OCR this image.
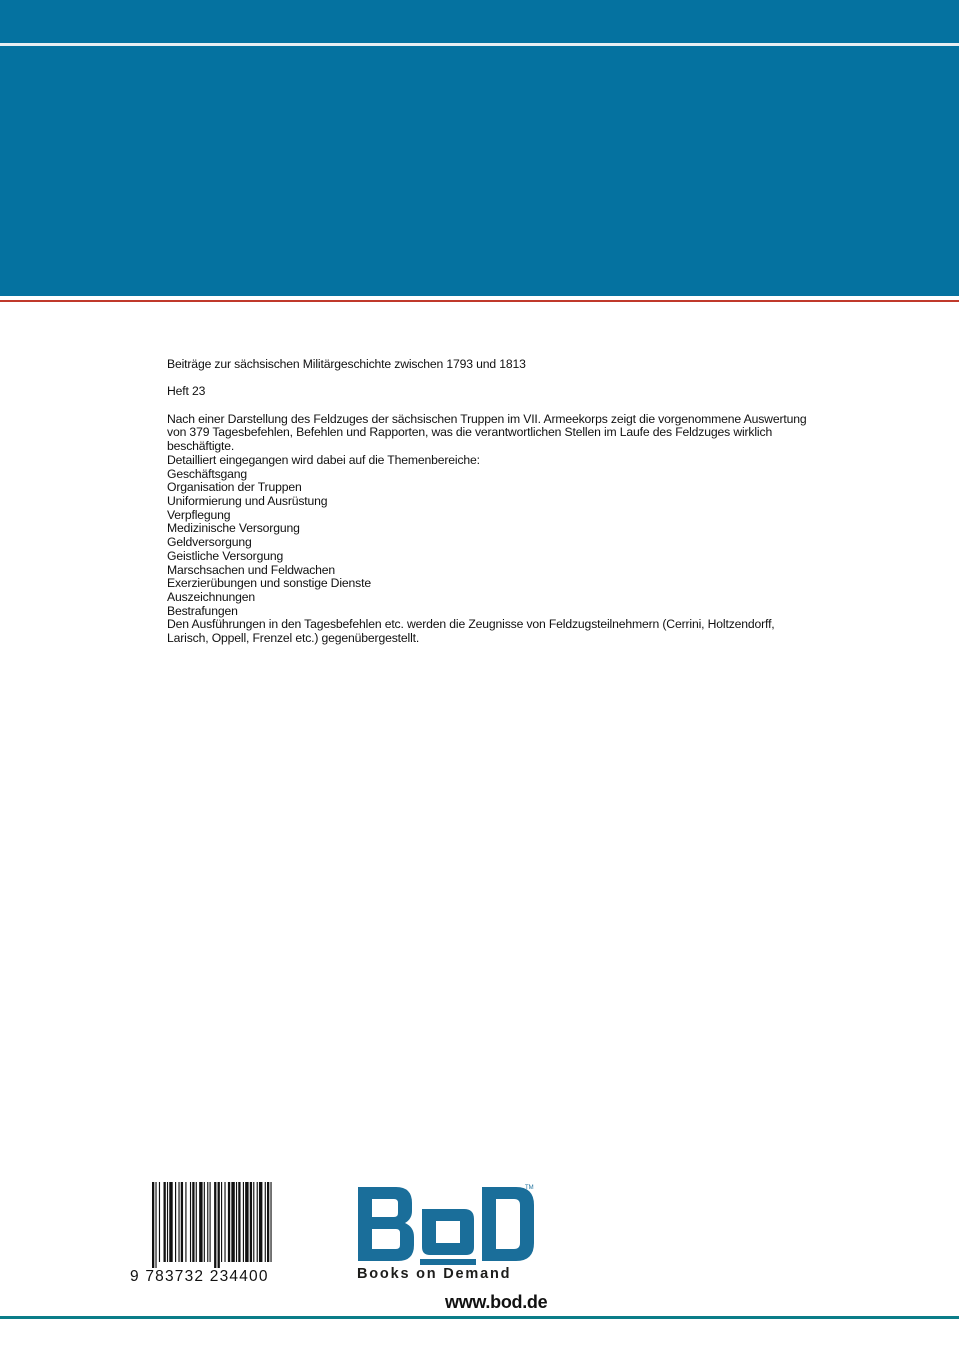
Beiträge zur sächsischen Militärgeschichte zwischen 1793 und 1813

Heft 23

Nach einer Darstellung des Feldzuges der sächsischen Truppen im VII. Armeekorps zeigt die vorgenommene Auswertung von 379 Tagesbefehlen, Befehlen und Rapporten, was die verantwortlichen Stellen im Laufe des Feldzuges wirklich beschäftigte.

Detailliert eingegangen wird dabei auf die Themenbereiche:

Geschäftsgang
Organisation der Truppen
Uniformierung und Ausrüstung
Verpflegung
Medizinische Versorgung
Geldversorgung
Geistliche Versorgung
Marschsachen und Feldwachen
Exerzierübungen und sonstige Dienste
Auszeichnungen
Bestrafungen

Den Ausführungen in den Tagesbefehlen etc. werden die Zeugnisse von Feldzugsteilnehmern (Cerrini, Holtzendorff, Larisch, Oppell, Frenzel etc.) gegenübergestellt.

9 783732 234400
TM
Books on Demand
www.bod.de
